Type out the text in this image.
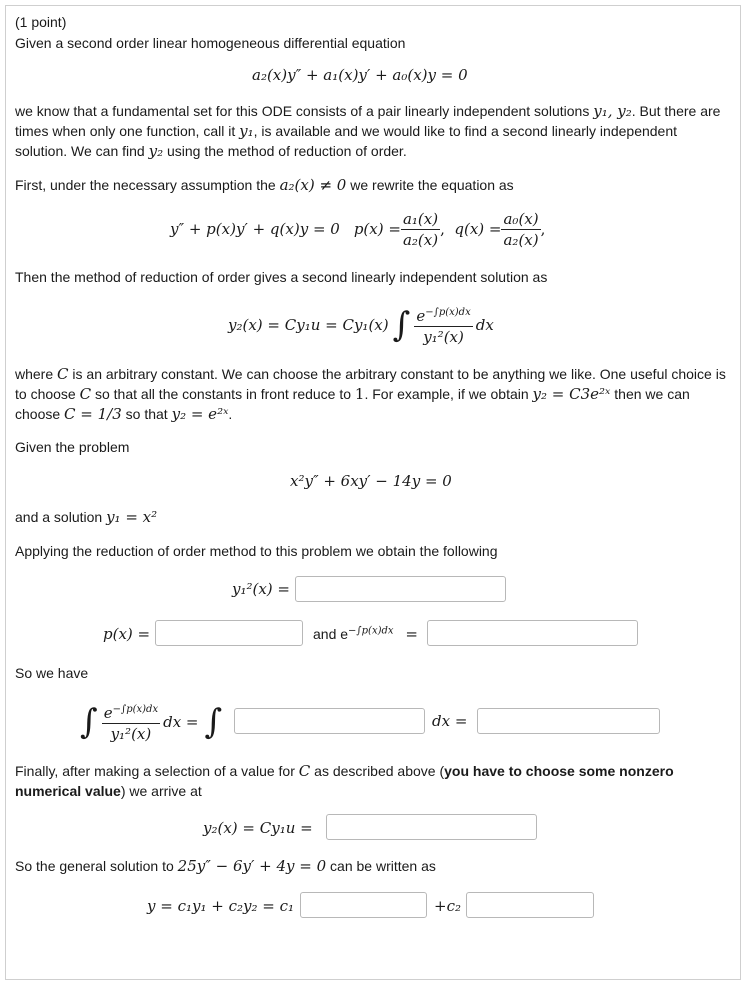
(1 point)
Given a second order linear homogeneous differential equation
a₂(x)y″ + a₁(x)y′ + a₀(x)y = 0
we know that a fundamental set for this ODE consists of a pair linearly independent solutions y₁, y₂. But there are times when only one function, call it y₁, is available and we would like to find a second linearly independent solution. We can find y₂ using the method of reduction of order.
First, under the necessary assumption the a₂(x) ≠ 0 we rewrite the equation as
y″ + p(x)y′ + q(x)y = 0 $p(x) = \frac{\text{a₁(x)}}{\text{a₂(x)}}$ , $q(x) = \frac{\text{a₀(x)}}{\text{a₂(x)}}$ ,
Then the method of reduction of order gives a second linearly independent solution as
y₂(x) = Cy₁u = Cy₁(x) ∫ $\frac{e^{-\int p(x)dx}}{\text{y₁²(x)}}$ dx
where C is an arbitrary constant. We can choose the arbitrary constant to be anything we like. One useful choice is to choose C so that all the constants in front reduce to 1. For example, if we obtain y₂ = C3e²ˣ then we can choose C = 1/3 so that y₂ = e²ˣ.
Given the problem
x²y″ + 6xy′ − 14y = 0
and a solution y₁ = x²
Applying the reduction of order method to this problem we obtain the following
y₁²(x) =
p(x) =	and $e^{-\int p(x)dx}$ =
So we have
∫ $\frac{e^{-\int p(x)dx}}{\text{y₁²(x)}}$ dx = ∫	dx =
Finally, after making a selection of a value for C as described above (you have to choose some nonzero numerical value) we arrive at
y₂(x) = Cy₁u =
So the general solution to 25y″ − 6y′ + 4y = 0 can be written as
y = c₁y₁ + c₂y₂ = c₁	+c₂
